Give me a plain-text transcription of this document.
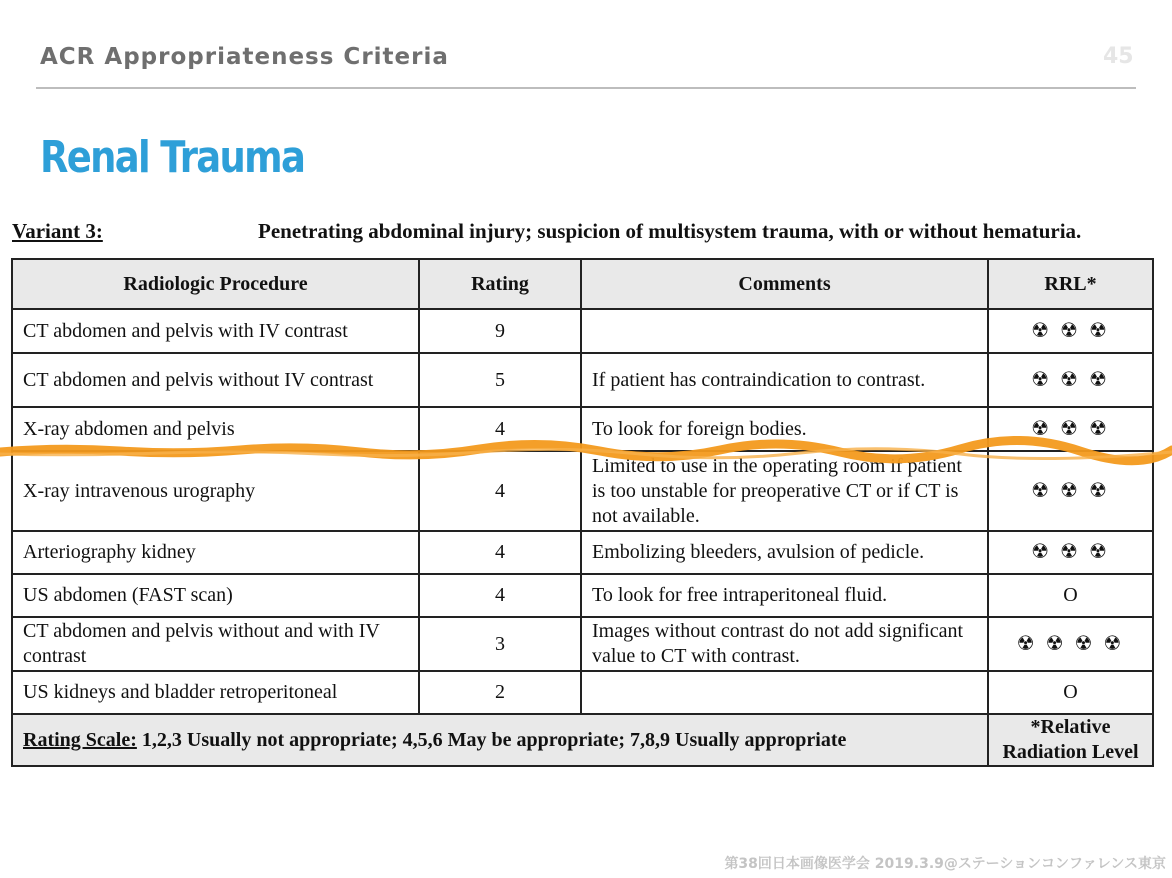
ACR Appropriateness Criteria	45
Renal Trauma
Variant 3:	Penetrating abdominal injury; suspicion of multisystem trauma, with or without hematuria.
Radiologic Procedure	Rating	Comments	RRL*
CT abdomen and pelvis with IV contrast	9		☢ ☢ ☢
CT abdomen and pelvis without IV contrast	5	If patient has contraindication to contrast.	☢ ☢ ☢
X-ray abdomen and pelvis	4	To look for foreign bodies.	☢ ☢ ☢
X-ray intravenous urography	4	Limited to use in the operating room if patient is too unstable for preoperative CT or if CT is not available.	☢ ☢ ☢
Arteriography kidney	4	Embolizing bleeders, avulsion of pedicle.	☢ ☢ ☢
US abdomen (FAST scan)	4	To look for free intraperitoneal fluid.	O
CT abdomen and pelvis without and with IV contrast	3	Images without contrast do not add significant value to CT with contrast.	☢ ☢ ☢ ☢
US kidneys and bladder retroperitoneal	2		O
Rating Scale: 1,2,3 Usually not appropriate; 4,5,6 May be appropriate; 7,8,9 Usually appropriate			*Relative
Radiation Level
第38回日本画像医学会 2019.3.9@ステーションコンファレンス東京
